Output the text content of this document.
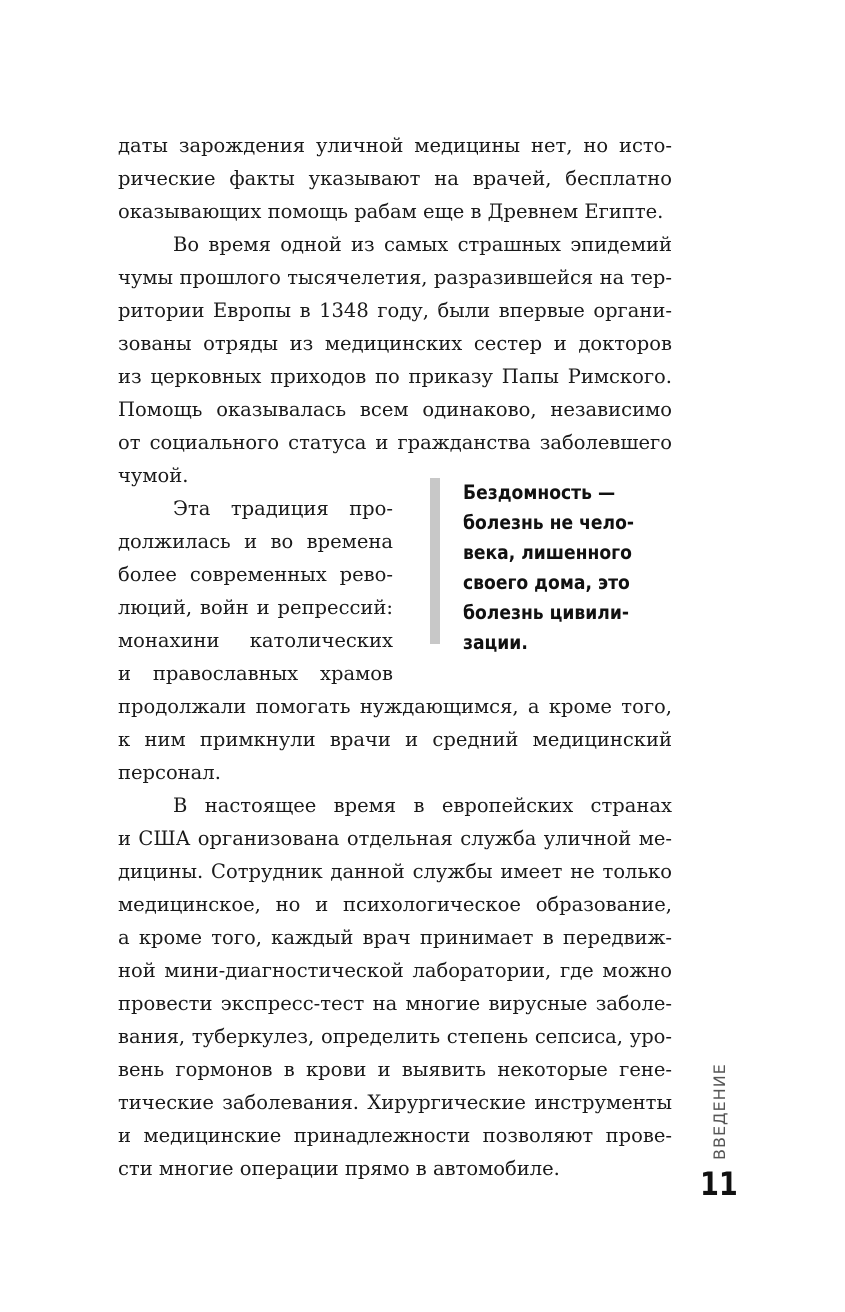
даты зарождения уличной медицины нет, но исто-
рические факты указывают на врачей, бесплатно
оказывающих помощь рабам еще в Древнем Египте.
Во время одной из самых страшных эпидемий
чумы прошлого тысячелетия, разразившейся на тер-
ритории Европы в 1348 году, были впервые органи-
зованы отряды из медицинских сестер и докторов
из церковных приходов по приказу Папы Римского.
Помощь оказывалась всем одинаково, независимо
от социального статуса и гражданства заболевшего
чумой.
Эта традиция про-
должилась и во времена
более современных рево-
люций, войн и репрессий:
монахини католических
и православных храмов
продолжали помогать нуждающимся, а кроме того,
к ним примкнули врачи и средний медицинский
персонал.
В настоящее время в европейских странах
и США организована отдельная служба уличной ме-
дицины. Сотрудник данной службы имеет не только
медицинское, но и психологическое образование,
а кроме того, каждый врач принимает в передвиж-
ной мини-диагностической лаборатории, где можно
провести экспресс-тест на многие вирусные заболе-
вания, туберкулез, определить степень сепсиса, уро-
вень гормонов в крови и выявить некоторые гене-
тические заболевания. Хирургические инструменты
и медицинские принадлежности позволяют прове-
сти многие операции прямо в автомобиле.
Бездомность —
болезнь не чело-
века, лишенного
своего дома, это
болезнь цивили-
зации.
ВВЕДЕНИЕ
11
